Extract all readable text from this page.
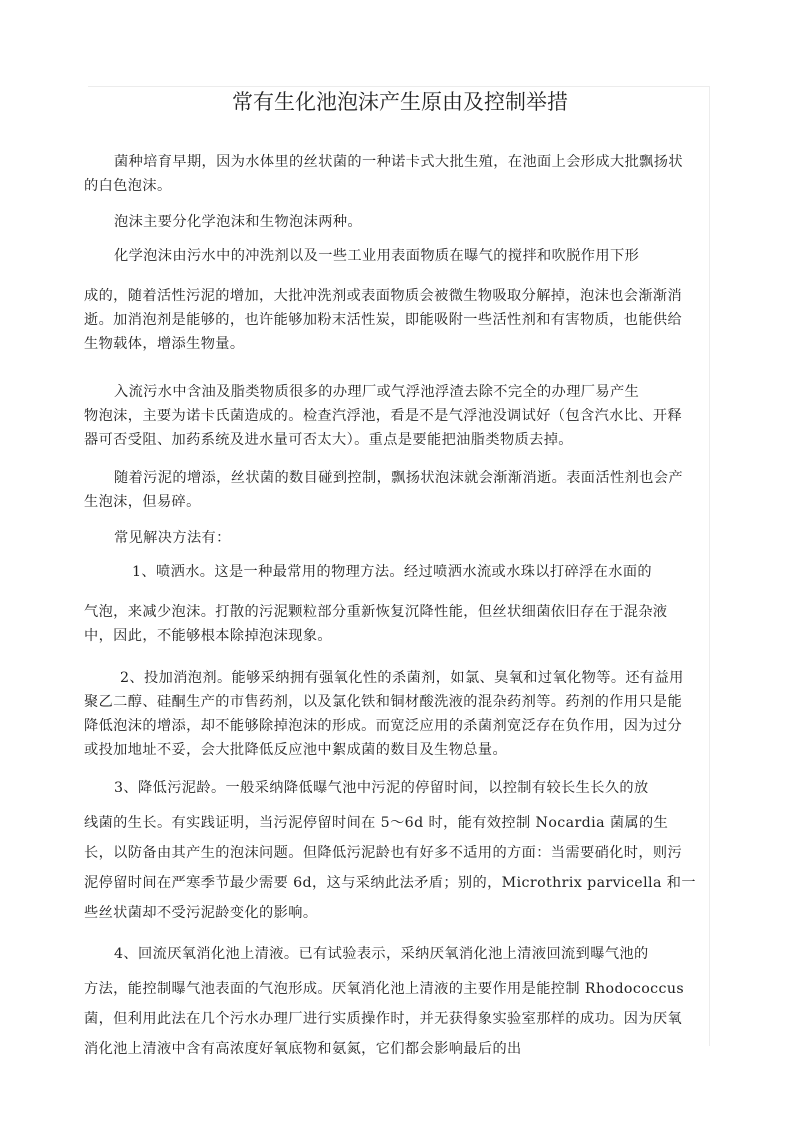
常有生化池泡沫产生原由及控制举措

菌种培育早期，因为水体里的丝状菌的一种诺卡式大批生殖，在池面上会形成大批飘扬状的白色泡沫。

泡沫主要分化学泡沫和生物泡沫两种。

化学泡沫由污水中的冲洗剂以及一些工业用表面物质在曝气的搅拌和吹脱作用下形

成的，随着活性污泥的增加，大批冲洗剂或表面物质会被微生物吸取分解掉，泡沫也会渐渐消逝。加消泡剂是能够的，也许能够加粉末活性炭，即能吸附一些活性剂和有害物质，也能供给生物载体，增添生物量。

入流污水中含油及脂类物质很多的办理厂或气浮池浮渣去除不完全的办理厂易产生

物泡沫，主要为诺卡氏菌造成的。检查汽浮池，看是不是气浮池没调试好（包含汽水比、开释器可否受阻、加药系统及进水量可否太大）。重点是要能把油脂类物质去掉。

随着污泥的增添，丝状菌的数目碰到控制，飘扬状泡沫就会渐渐消逝。表面活性剂也会产生泡沫，但易碎。

常见解决方法有：

1、喷洒水。这是一种最常用的物理方法。经过喷洒水流或水珠以打碎浮在水面的

气泡，来减少泡沫。打散的污泥颗粒部分重新恢复沉降性能，但丝状细菌依旧存在于混杂液中，因此，不能够根本除掉泡沫现象。

2、投加消泡剂。能够采纳拥有强氧化性的杀菌剂，如氯、臭氧和过氧化物等。还有益用聚乙二醇、硅酮生产的市售药剂，以及氯化铁和铜材酸洗液的混杂药剂等。药剂的作用只是能降低泡沫的增添，却不能够除掉泡沫的形成。而宽泛应用的杀菌剂宽泛存在负作用，因为过分或投加地址不妥，会大批降低反应池中絮成菌的数目及生物总量。

3、降低污泥龄。一般采纳降低曝气池中污泥的停留时间，以控制有较长生长久的放

线菌的生长。有实践证明，当污泥停留时间在 5～6d 时，能有效控制 Nocardia 菌属的生长，以防备由其产生的泡沫问题。但降低污泥龄也有好多不适用的方面：当需要硝化时，则污泥停留时间在严寒季节最少需要 6d，这与采纳此法矛盾；别的，Microthrix parvicella 和一些丝状菌却不受污泥龄变化的影响。

4、回流厌氧消化池上清液。已有试验表示，采纳厌氧消化池上清液回流到曝气池的

方法，能控制曝气池表面的气泡形成。厌氧消化池上清液的主要作用是能控制 Rhodococcus 菌，但利用此法在几个污水办理厂进行实质操作时，并无获得象实验室那样的成功。因为厌氧消化池上清液中含有高浓度好氧底物和氨氮，它们都会影响最后的出
